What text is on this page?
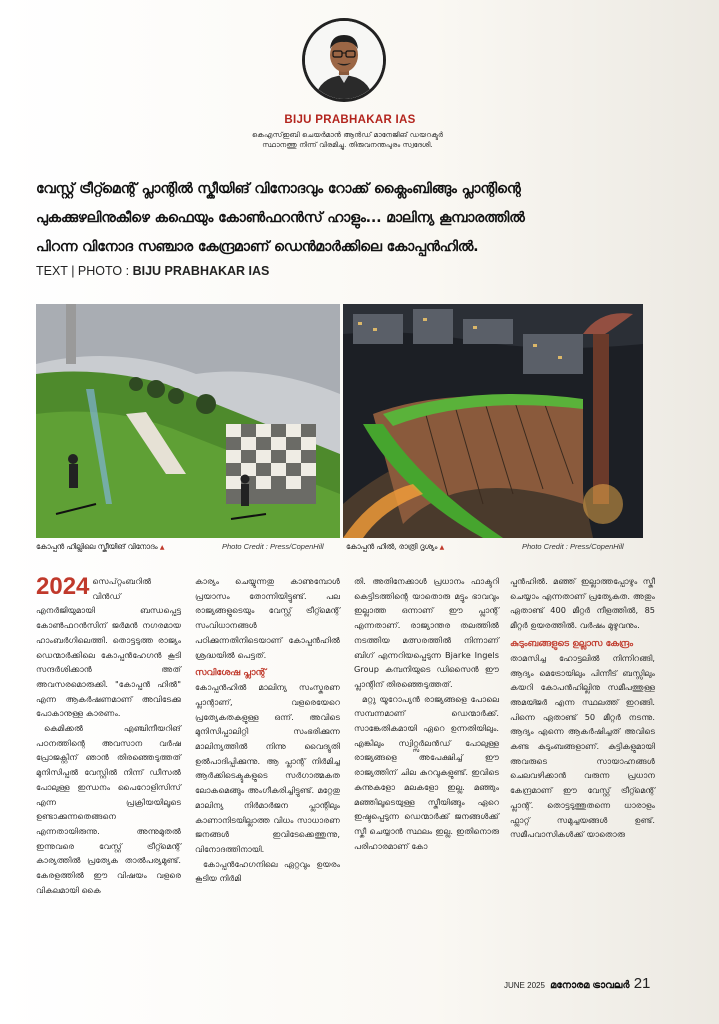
BIJU PRABHAKAR IAS
കെഎസ്ഇബി ചെയർമാൻ ആൻഡ് മാനേജിങ് ഡയറക്ടർ
സ്ഥാനത്തു നിന്ന് വിരമിച്ചു. തിരുവനന്തപുരം സ്വദേശി.
വേസ്റ്റ് ട്രീറ്റ്മെന്റ് പ്ലാന്റിൽ സ്കീയിങ് വിനോദവും റോക്ക് ക്ലൈംബിങ്ങും പ്ലാന്റിന്റെ
പുകക്കുഴലിനുകീഴെ കഫെയും കോൺഫറൻസ് ഹാളും... മാലിന്യ കൂമ്പാരത്തിൽ
പിറന്ന വിനോദ സഞ്ചാര കേന്ദ്രമാണ് ഡെൻമാർക്കിലെ കോപ്പൻഹിൽ.
TEXT | PHOTO : BIJU PRABHAKAR IAS
കോപ്പൻ ഹില്ലിലെ സ്കീയിങ് വിനോദം ▲	Photo Credit : Press/CopenHill	കോപ്പൻ ഹിൽ, രാത്രി ദൃശ്യം ▲	Photo Credit : Press/CopenHill
2024 സെപ്റ്റംബറിൽ വിൻഡ് എനർജിയുമായി ബന്ധപ്പെട്ട കോൺഫറൻസിന് ജർമൻ നഗരമായ ഹാംബർഗിലെത്തി. തൊട്ടടുത്ത രാജ്യം ഡെന്മാർക്കിലെ കോപ്പൻഹേഗൻ കൂടി സന്ദർശിക്കാൻ അത് അവസരമൊരുക്കി. "കോപ്പൻ ഹിൽ" എന്ന ആകർഷണമാണ് അവിടേക്കു പോകാനുള്ള കാരണം.

കെമിക്കൽ എഞ്ചിനീയറിങ് പഠനത്തിന്റെ അവസാന വർഷ പ്രോജക്റ്റിന് ഞാൻ തിരഞ്ഞെടുത്തത് മുനിസിപ്പൽ വേസ്റ്റിൽ നിന്ന് ഡീസൽ പോലുള്ള ഇന്ധനം പൈറോളിസിസ് എന്ന പ്രക്രിയയിലൂടെ ഉണ്ടാക്കുന്നതെങ്ങനെ എന്നതായിരുന്നു. അന്നുമുതൽ ഇന്നുവരെ വേസ്റ്റ് ട്രീറ്റ്മെന്റ് കാര്യത്തിൽ പ്രത്യേക താൽപര്യമുണ്ട്. കേരളത്തിൽ ഈ വിഷയം വളരെ വികലമായി കൈ

കാര്യം ചെയ്യുന്നതു കാണുമ്പോൾ പ്രയാസം തോന്നിയിട്ടുണ്ട്. പല രാജ്യങ്ങളുടെയും വേസ്റ്റ് ട്രീറ്റ്മെന്റ് സംവിധാനങ്ങൾ പഠിക്കുന്നതിനിടെയാണ് കോപ്പൻഹിൽ ശ്രദ്ധയിൽ പെട്ടത്.

സവിശേഷ പ്ലാന്റ്

കോപ്പൻഹിൽ മാലിന്യ സംസ്കരണ പ്ലാന്റാണ്, വളരെയേറെ പ്രത്യേകതകളുള്ള ഒന്ന്. അവിടെ മുനിസിപ്പാലിറ്റി സംഭരിക്കുന്ന മാലിന്യത്തിൽ നിന്നു വൈദ്യുതി ഉൽപാദിപ്പിക്കുന്നു. ആ പ്ലാന്റ് നിർമിച്ച ആർക്കിടെക്ടുകളുടെ സർഗാത്മകത ലോകമെങ്ങും അംഗീകരിച്ചിട്ടുണ്ട്. മറ്റേതു മാലിന്യ നിർമാർജന പ്ലാന്റിലും കാണാനിടയില്ലാത്ത വിധം സാധാരണ ജനങ്ങൾ ഇവിടേക്കെത്തുന്നു, വിനോദത്തിനായി.

കോപ്പൻഹേഗനിലെ ഏറ്റവും ഉയരം കൂടിയ നിർമി

തി. അതിനേക്കാൾ പ്രധാനം ഫാക്ടറി കെട്ടിടത്തിന്റെ യാതൊരു മട്ടും ഭാവവും ഇല്ലാത്ത ഒന്നാണ് ഈ പ്ലാന്റ് എന്നതാണ്. രാജ്യാന്തര തലത്തിൽ നടത്തിയ മത്സരത്തിൽ നിന്നാണ് ബിഗ് എന്നറിയപ്പെടുന്ന Bjarke Ingels Group കമ്പനിയുടെ ഡിസൈൻ ഈ പ്ലാന്റിന് തിരഞ്ഞെടുത്തത്.

മറ്റു യൂറോപ്യൻ രാജ്യങ്ങളെ പോലെ സമ്പന്നമാണ് ഡെന്മാർക്ക്. സാങ്കേതികമായി ഏറെ ഉന്നതിയിലും. എങ്കിലും സ്വിറ്റ്സർലൻഡ് പോലുള്ള രാജ്യങ്ങളെ അപേക്ഷിച്ച് ഈ രാജ്യത്തിന് ചില കുറവുകളുണ്ട്. ഇവിടെ കുന്നുകളോ മലകളോ ഇല്ല. മഞ്ഞും മഞ്ഞിലൂടെയുള്ള സ്കീയിങ്ങും ഏറെ ഇഷ്ടപ്പെടുന്ന ഡെന്മാർക്ക് ജനങ്ങൾക്ക് സ്കീ ചെയ്യാൻ സ്ഥലം ഇല്ല. ഇതിനൊരു പരിഹാരമാണ് കോ

പ്പൻഹിൽ. മഞ്ഞ് ഇല്ലാത്തപ്പോഴും സ്കീ ചെയ്യാം എന്നതാണ് പ്രത്യേകത. അതും ഏതാണ്ട് 400 മീറ്റർ നീളത്തിൽ, 85 മീറ്റർ ഉയരത്തിൽ. വർഷം മുഴുവനും.

കുടുംബങ്ങളുടെ ഉല്ലാസ കേന്ദ്രം

താമസിച്ച ഹോട്ടലിൽ നിന്നിറങ്ങി, ആദ്യം മെട്രോയിലും പിന്നീട് ബസ്സിലും കയറി കോപൻഹില്ലിനു സമീപത്തുള്ള അമയ്ജർ എന്ന സ്ഥലത്ത് ഇറങ്ങി. പിന്നെ ഏതാണ്ട് 50 മീറ്റർ നടന്നു. ആദ്യം എന്നെ ആകർഷിച്ചത് അവിടെ കണ്ട കുടുംബങ്ങളാണ്. കുട്ടികളുമായി അവരുടെ സായാഹ്നങ്ങൾ ചെലവഴിക്കാൻ വരുന്ന പ്രധാന കേന്ദ്രമാണ് ഈ വേസ്റ്റ് ട്രീറ്റ്മെന്റ് പ്ലാന്റ്. തൊട്ടടുത്തുതന്നെ ധാരാളം ഫ്ലാറ്റ് സമുച്ചയങ്ങൾ ഉണ്ട്. സമീപവാസികൾക്ക് യാതൊരു

JUNE 2025 മനോരമ ട്രാവലർ 21
